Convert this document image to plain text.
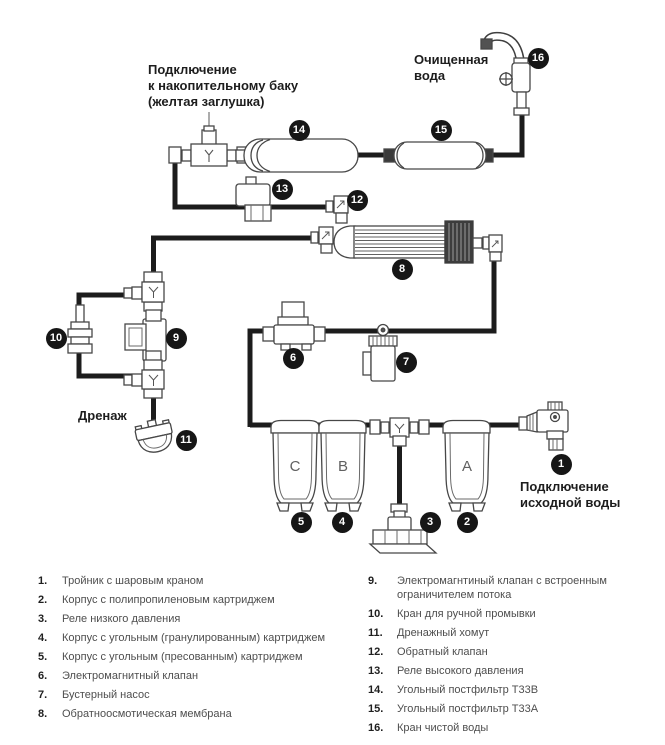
Подключение
к накопительному баку
(желтая заглушка)
Очищенная
вода
Дренаж
Подключение
исходной воды
C	B	A	1
2
3
4
5
6	7
8
9
10
11
12
13
14	15
16
1.	Тройник с шаровым краном
2.	Корпус с полипропиленовым картриджем
3.	Реле низкого давления
4.	Корпус с угольным (гранулированным) картриджем
5.	Корпус с угольным (пресованным) картриджем
6.	Электромагнитный клапан
7.	Бустерный насос
8.	Обратноосмотическая мембрана
9.	Электромагнтиный клапан с встроенным ограничителем потока
10.	Кран для ручной промывки
11.	Дренажный хомут
12.	Обратный клапан
13.	Реле высокого давления
14.	Угольный постфильтр Т33В
15.	Угольный постфильтр Т33А
16.	Кран чистой воды
